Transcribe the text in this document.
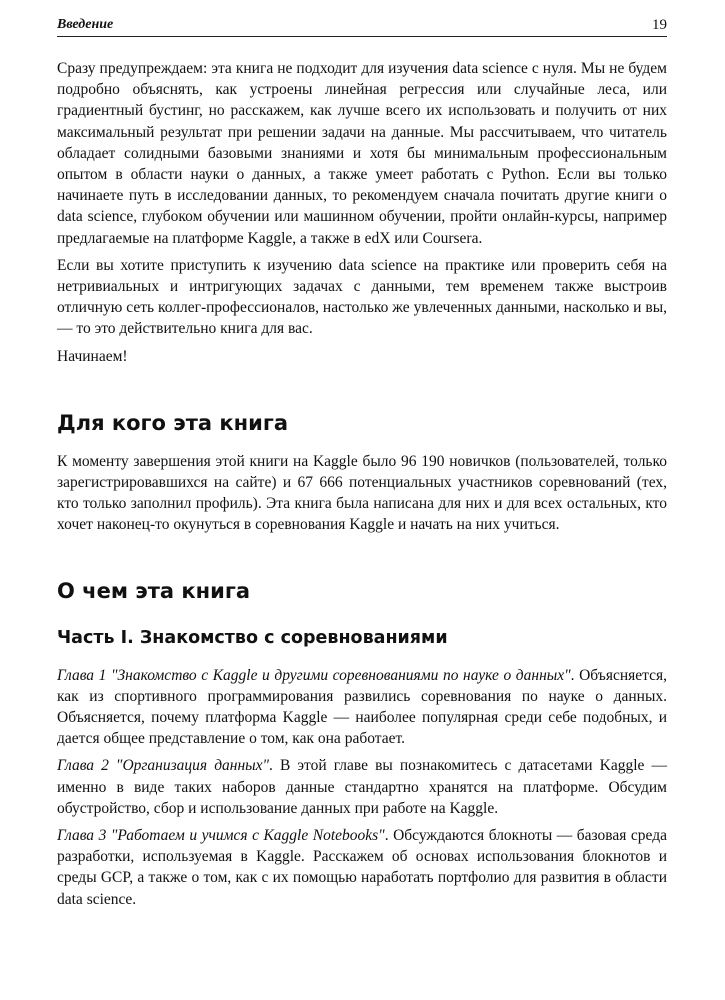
Введение	19

Сразу предупреждаем: эта книга не подходит для изучения data science с нуля. Мы не будем подробно объяснять, как устроены линейная регрессия или случайные леса, или градиентный бустинг, но расскажем, как лучше всего их использовать и получить от них максимальный результат при решении задачи на данные. Мы рассчитываем, что читатель обладает солидными базовыми знаниями и хотя бы минимальным профессиональным опытом в области науки о данных, а также умеет работать с Python. Если вы только начинаете путь в исследовании данных, то рекомендуем сначала почитать другие книги о data science, глубоком обучении или машинном обучении, пройти онлайн-курсы, например предлагаемые на платформе Kaggle, а также в edX или Coursera.

Если вы хотите приступить к изучению data science на практике или проверить себя на нетривиальных и интригующих задачах с данными, тем временем также выстроив отличную сеть коллег-профессионалов, настолько же увлеченных данными, насколько и вы, — то это действительно книга для вас.

Начинаем!

Для кого эта книга

К моменту завершения этой книги на Kaggle было 96 190 новичков (пользователей, только зарегистрировавшихся на сайте) и 67 666 потенциальных участников соревнований (тех, кто только заполнил профиль). Эта книга была написана для них и для всех остальных, кто хочет наконец-то окунуться в соревнования Kaggle и начать на них учиться.

О чем эта книга
Часть I. Знакомство с соревнованиями

Глава 1 "Знакомство с Kaggle и другими соревнованиями по науке о данных". Объясняется, как из спортивного программирования развились соревнования по науке о данных. Объясняется, почему платформа Kaggle — наиболее популярная среди себе подобных, и дается общее представление о том, как она работает.

Глава 2 "Организация данных". В этой главе вы познакомитесь с датасетами Kaggle — именно в виде таких наборов данные стандартно хранятся на платформе. Обсудим обустройство, сбор и использование данных при работе на Kaggle.

Глава 3 "Работаем и учимся с Kaggle Notebooks". Обсуждаются блокноты — базовая среда разработки, используемая в Kaggle. Расскажем об основах использования блокнотов и среды GCP, а также о том, как с их помощью наработать портфолио для развития в области data science.
